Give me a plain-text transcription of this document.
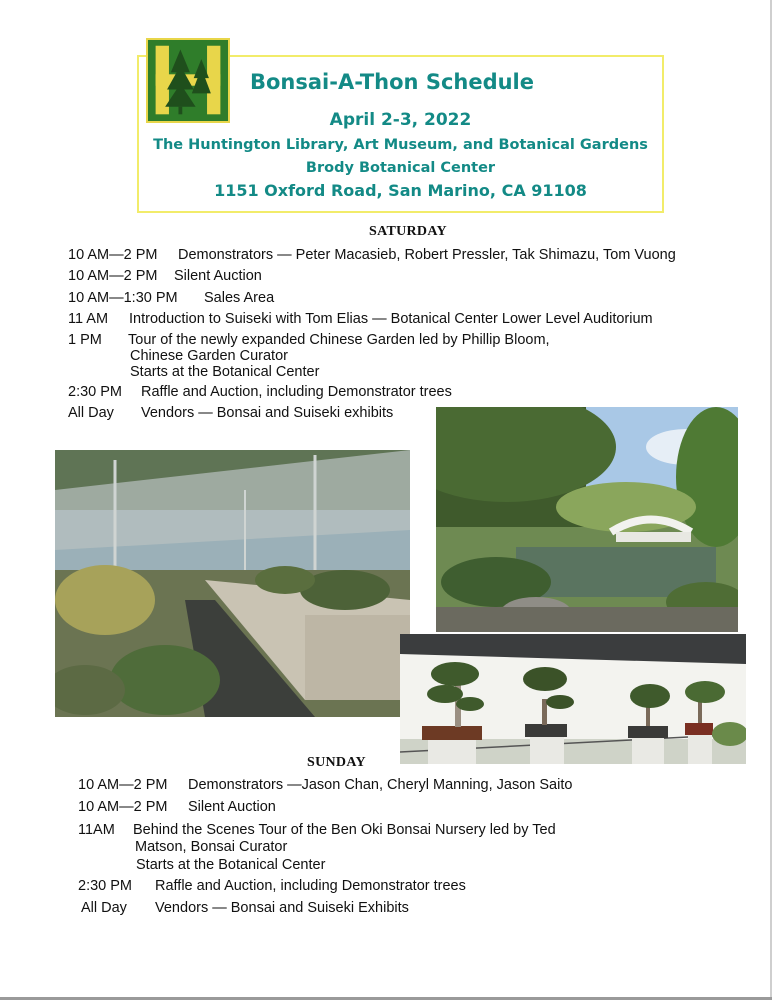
Bonsai-A-Thon Schedule
April 2-3, 2022
The Huntington Library, Art Museum, and Botanical Gardens
Brody Botanical Center
1151 Oxford Road, San Marino, CA 91108
SATURDAY
10 AM—2 PM Demonstrators — Peter Macasieb, Robert Pressler, Tak Shimazu, Tom Vuong
10 AM—2 PM Silent Auction
10 AM—1:30 PM Sales Area
11 AM Introduction to Suiseki with Tom Elias — Botanical Center Lower Level Auditorium
1 PM Tour of the newly expanded Chinese Garden led by Phillip Bloom,
Chinese Garden Curator
Starts at the Botanical Center
2:30 PM Raffle and Auction, including Demonstrator trees
All Day Vendors — Bonsai and Suiseki exhibits
SUNDAY
10 AM—2 PM Demonstrators —Jason Chan, Cheryl Manning, Jason Saito
10 AM—2 PM Silent Auction
11AM Behind the Scenes Tour of the Ben Oki Bonsai Nursery led by Ted
Matson, Bonsai Curator
Starts at the Botanical Center
2:30 PM Raffle and Auction, including Demonstrator trees
All Day Vendors — Bonsai and Suiseki Exhibits
